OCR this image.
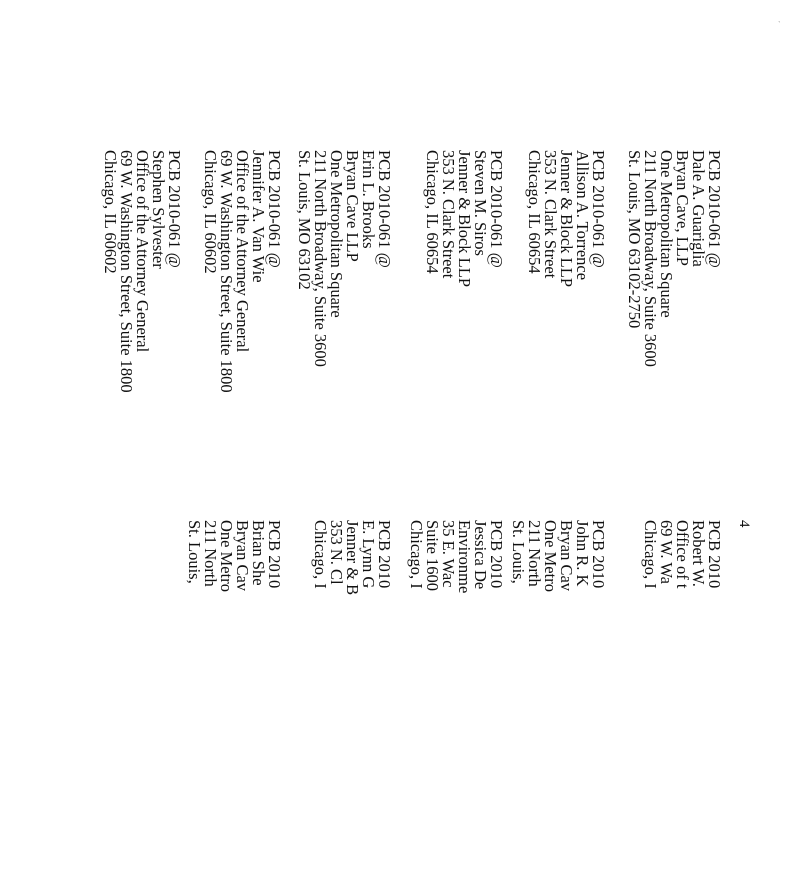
`
4
PCB 2010-061 @
Dale A. Guariglia
Bryan Cave, LLP
One Metropolitan Square
211 North Broadway, Suite 3600
St. Louis, MO 63102-2750
PCB 2010-061 @
Allison A. Torrence
Jenner & Block LLP
353 N. Clark Street
Chicago, IL 60654
PCB 2010-061 @
Steven M. Siros
Jenner & Block LLP
353 N. Clark Street
Chicago, IL 60654
PCB 2010-061 @
Erin L. Brooks
Bryan Cave LLP
One Metropolitan Square
211 North Broadway, Suite 3600
St. Louis, MO 63102
PCB 2010-061 @
Jennifer A. Van Wie
Office of the Attorney General
69 W. Washington Street, Suite 1800
Chicago, IL 60602
PCB 2010-061 @
Stephen Sylvester
Office of the Attorney General
69 W. Washington Street, Suite 1800
Chicago, IL 60602
PCB 2010
Robert W.
Office of t
69 W. Wa
Chicago, I
PCB 2010
John R. K
Bryan Cav
One Metro
211 North
St. Louis,
PCB 2010
Jessica De
Environme
35 E. Wac
Suite 1600
Chicago, I
PCB 2010
E. Lynn G
Jenner & B
353 N. Cl
Chicago, I
PCB 2010
Brian She
Bryan Cav
One Metro
211 North
St. Louis,
